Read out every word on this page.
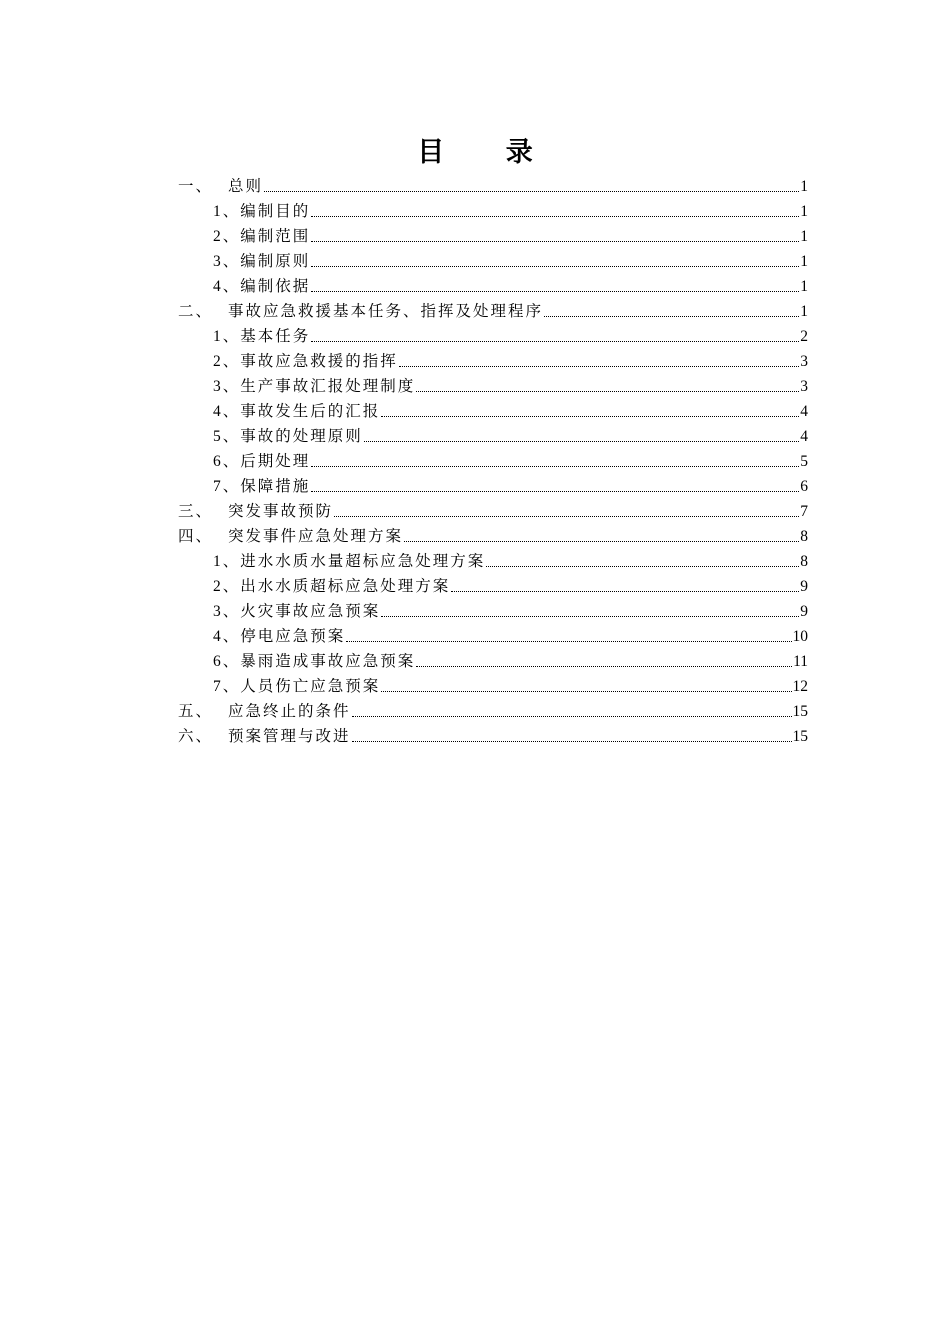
目 录
一、 总则	1
1、 编制目的	1
2、 编制范围	1
3、 编制原则	1
4、 编制依据	1
二、 事故应急救援基本任务、指挥及处理程序	1
1、 基本任务	2
2、 事故应急救援的指挥	3
3、 生产事故汇报处理制度	3
4、 事故发生后的汇报	4
5、 事故的处理原则	4
6、 后期处理	5
7、 保障措施	6
三、 突发事故预防	7
四、 突发事件应急处理方案	8
1、 进水水质水量超标应急处理方案	8
2、 出水水质超标应急处理方案	9
3、 火灾事故应急预案	9
4、 停电应急预案	10
6、 暴雨造成事故应急预案	11
7、 人员伤亡应急预案	12
五、 应急终止的条件	15
六、 预案管理与改进	15
